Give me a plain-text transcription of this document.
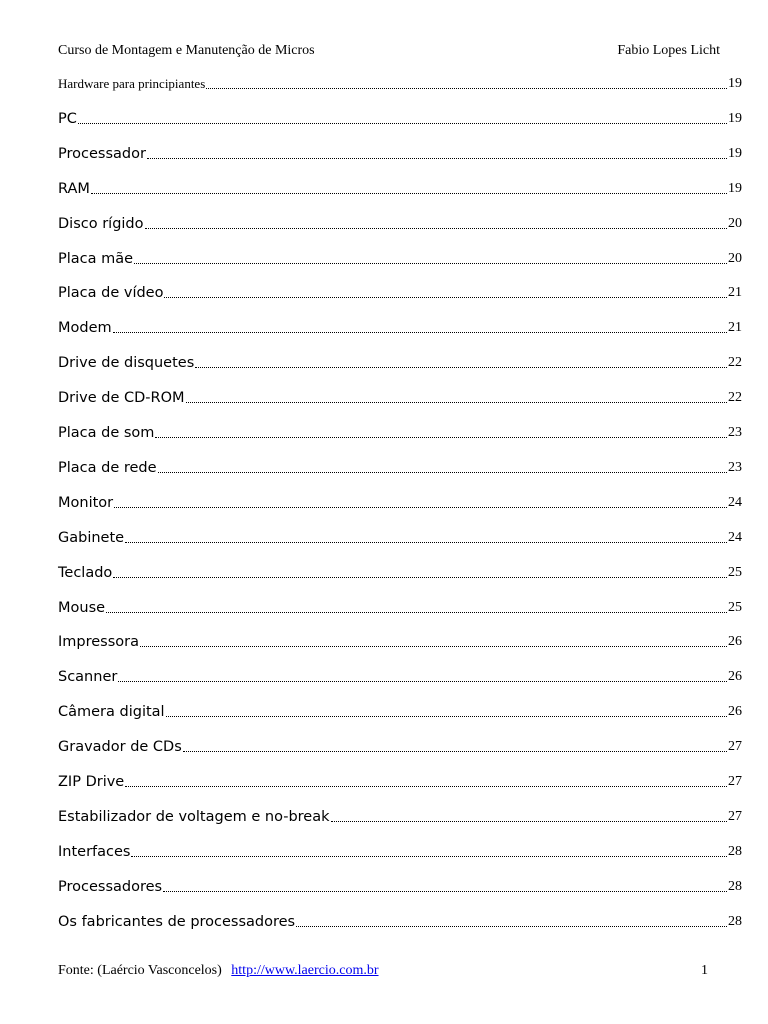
Curso de Montagem e Manutenção de Micros	Fabio Lopes Licht
Hardware para principiantes	19
PC	19
Processador	19
RAM	19
Disco rígido	20
Placa mãe	20
Placa de vídeo	21
Modem	21
Drive de disquetes	22
Drive de CD-ROM	22
Placa de som	23
Placa de rede	23
Monitor	24
Gabinete	24
Teclado	25
Mouse	25
Impressora	26
Scanner	26
Câmera digital	26
Gravador de CDs	27
ZIP Drive	27
Estabilizador de voltagem e no-break	27
Interfaces	28
Processadores	28
Os fabricantes de processadores	28
Fonte: (Laércio Vasconcelos) http://www.laercio.com.br	1
